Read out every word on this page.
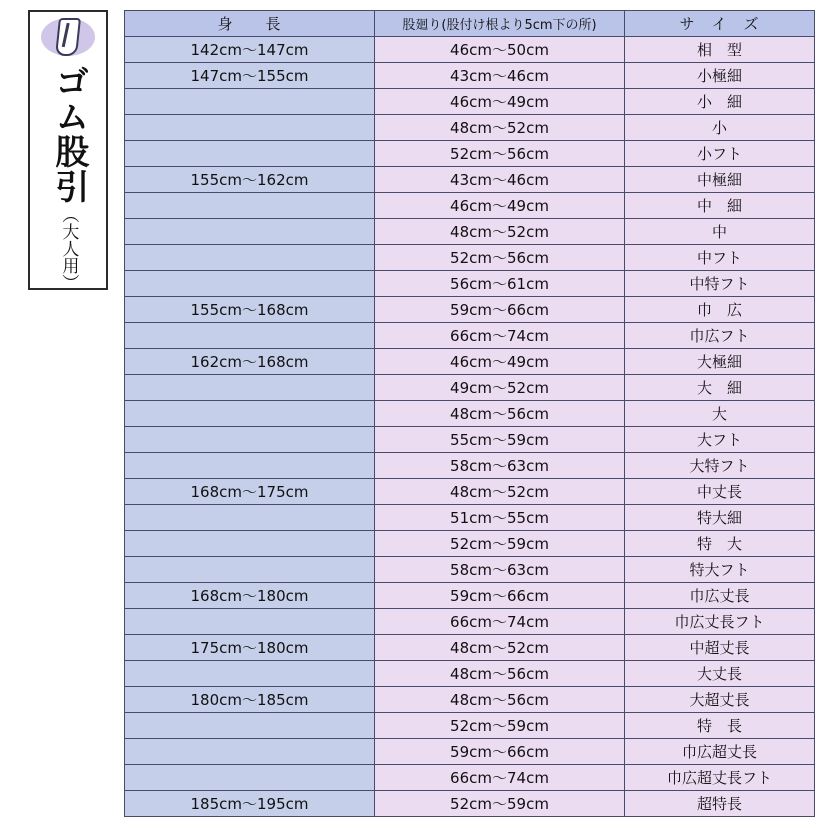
ゴム股引
（大人用）
身　　長	股廻り(股付け根より5cm下の所)	サ　イ　ズ
142cm～147cm	46cm～50cm	相　型
147cm～155cm	43cm～46cm	小極細
	46cm～49cm	小　細
	48cm～52cm	小
	52cm～56cm	小フト
155cm～162cm	43cm～46cm	中極細
	46cm～49cm	中　細
	48cm～52cm	中
	52cm～56cm	中フト
	56cm～61cm	中特フト
155cm～168cm	59cm～66cm	巾　広
	66cm～74cm	巾広フト
162cm～168cm	46cm～49cm	大極細
	49cm～52cm	大　細
	48cm～56cm	大
	55cm～59cm	大フト
	58cm～63cm	大特フト
168cm～175cm	48cm～52cm	中丈長
	51cm～55cm	特大細
	52cm～59cm	特　大
	58cm～63cm	特大フト
168cm～180cm	59cm～66cm	巾広丈長
	66cm～74cm	巾広丈長フト
175cm～180cm	48cm～52cm	中超丈長
	48cm～56cm	大丈長
180cm～185cm	48cm～56cm	大超丈長
	52cm～59cm	特　長
	59cm～66cm	巾広超丈長
	66cm～74cm	巾広超丈長フト
185cm～195cm	52cm～59cm	超特長
